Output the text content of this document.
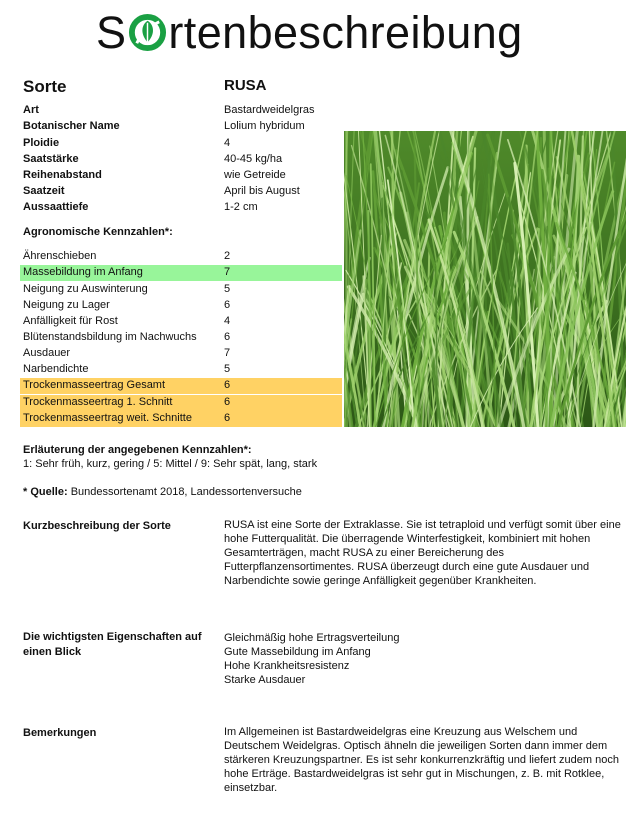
S rtenbeschreibung
Sorte	RUSA
Art	Bastardweidelgras
Botanischer Name	Lolium hybridum
Ploidie	4
Saatstärke	40-45 kg/ha
Reihenabstand	wie Getreide
Saatzeit	April bis August
Aussaattiefe	1-2 cm
Agronomische Kennzahlen*:
Ährenschieben	2
Massebildung im Anfang	7
Neigung zu Auswinterung	5
Neigung zu Lager	6
Anfälligkeit für Rost	4
Blütenstandsbildung im Nachwuchs 6
Ausdauer	7
Narbendichte	5
Trockenmasseertrag Gesamt	6
Trockenmasseertrag 1. Schnitt	6
Trockenmasseertrag weit. Schnitte	6
Erläuterung der angegebenen Kennzahlen*:
1: Sehr früh, kurz, gering / 5: Mittel / 9: Sehr spät, lang, stark
* Quelle: Bundessortenamt 2018, Landessortenversuche
Kurzbeschreibung der Sorte	RUSA ist eine Sorte der Extraklasse. Sie ist tetraploid und verfügt somit über eine hohe Futterqualität. Die überragende Winterfestigkeit, kombiniert mit hohen Gesamterträgen, macht RUSA zu einer Bereicherung des Futterpflanzensortimentes. RUSA überzeugt durch eine gute Ausdauer und Narbendichte sowie geringe Anfälligkeit gegenüber Krankheiten.
Die wichtigsten Eigenschaften auf
einen Blick
Gleichmäßig hohe Ertragsverteilung
Gute Massebildung im Anfang
Hohe Krankheitsresistenz
Starke Ausdauer
Bemerkungen	Im Allgemeinen ist Bastardweidelgras eine Kreuzung aus Welschem und Deutschem Weidelgras. Optisch ähneln die jeweiligen Sorten dann immer dem stärkeren Kreuzungspartner. Es ist sehr konkurrenzkräftig und liefert zudem noch hohe Erträge. Bastardweidelgras ist sehr gut in Mischungen, z. B. mit Rotklee, einsetzbar.
